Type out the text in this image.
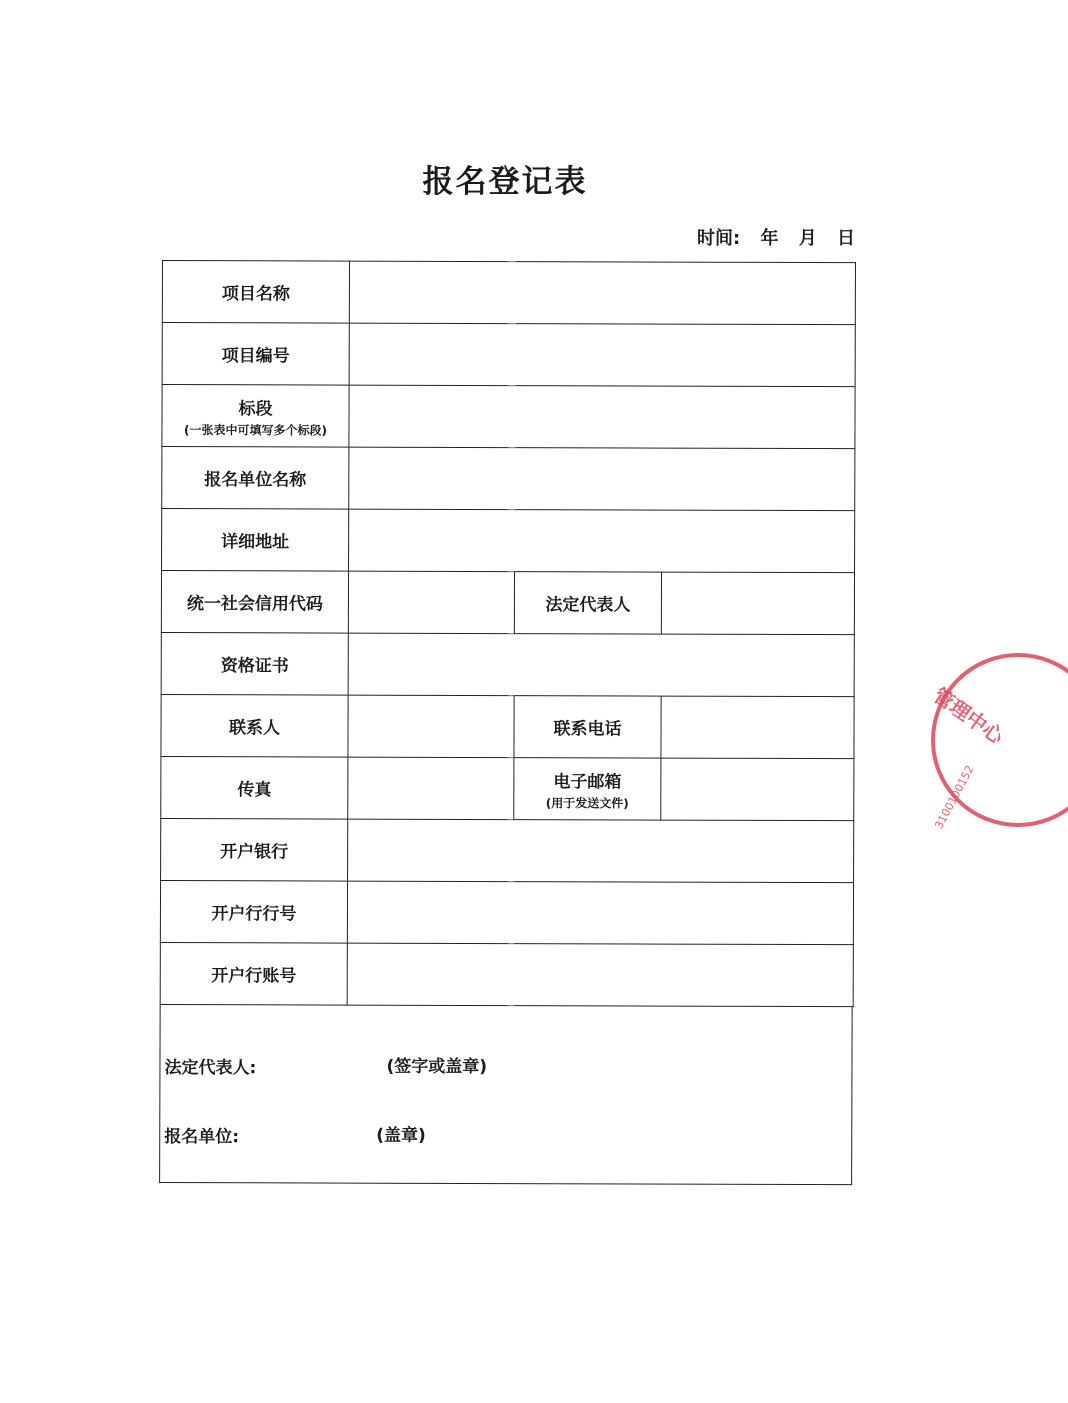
报名登记表
时间: 年 月 日
项目名称			
项目编号			
标段
(一张表中可填写多个标段)			

报名单位名称			
详细地址			
统一社会信用代码		法定代表人	
资格证书			
联系人		联系电话	
传真		电子邮箱
(用于发送文件)	

开户银行			
开户行行号			
开户行账号			
法定代表人:	(签字或盖章)
报名单位:	(盖章)
管理中心
3100100152
